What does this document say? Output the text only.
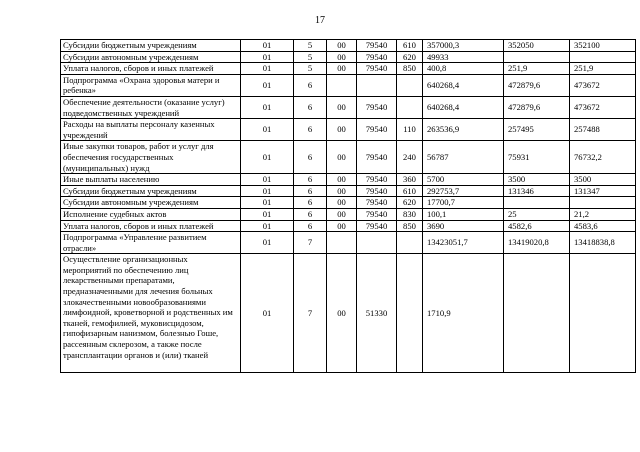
17
Субсидии бюджетным учреждениям	01	5	00	79540	610	357000,3	352050	352100
Субсидии автономным учреждениям	01	5	00	79540	620	49933		
Уплата налогов, сборов и иных платежей	01	5	00	79540	850	400,8	251,9	251,9
Подпрограмма «Охрана здоровья матери и ребенка»	01	6				640268,4	472879,6	473672
Обеспечение деятельности (оказание услуг) подведомственных учреждений	01	6	00	79540		640268,4	472879,6	473672
Расходы на выплаты персоналу казенных учреждений	01	6	00	79540	110	263536,9	257495	257488
Иные закупки товаров, работ и услуг для обеспечения государственных (муниципальных) нужд	01	6	00	79540	240	56787	75931	76732,2
Иные выплаты населению	01	6	00	79540	360	5700	3500	3500
Субсидии бюджетным учреждениям	01	6	00	79540	610	292753,7	131346	131347
Субсидии автономным учреждениям	01	6	00	79540	620	17700,7		
Исполнение судебных актов	01	6	00	79540	830	100,1	25	21,2
Уплата налогов, сборов и иных платежей	01	6	00	79540	850	3690	4582,6	4583,6
Подпрограмма «Управление развитием отрасли»	01	7				13423051,7	13419020,8	13418838,8
Осуществление организационных мероприятий по обеспечению лиц лекарственными препаратами, предназначенными для лечения больных злокачественными новообразованиями лимфоидной, кроветворной и родственных им тканей, гемофилией, муковисцидозом, гипофизарным нанизмом, болезнью Гоше, рассеянным склерозом, а также после трансплантации органов и (или) тканей	01	7	00	51330		1710,9		
